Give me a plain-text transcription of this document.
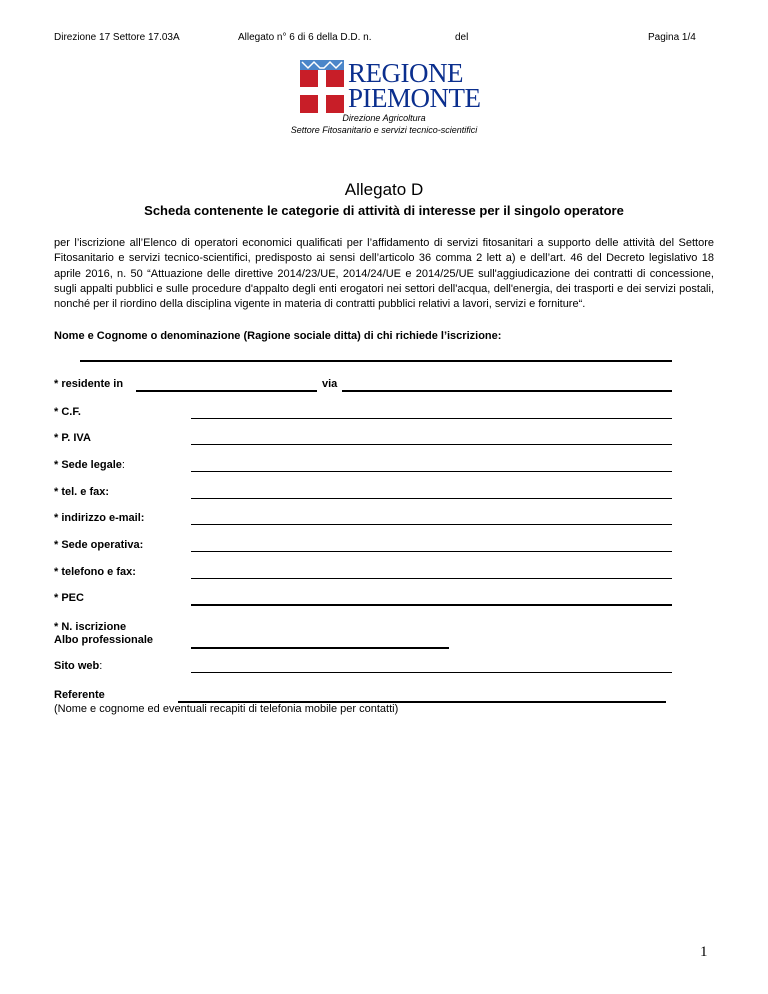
Direzione 17 Settore 17.03A	Allegato n° 6 di 6 della D.D. n.	del	Pagina 1/4
REGIONE
PIEMONTE
Direzione Agricoltura
Settore Fitosanitario e servizi tecnico-scientifici
Allegato D
Scheda contenente le categorie di attività di interesse per il singolo operatore
per l’iscrizione all’Elenco di operatori economici qualificati per l’affidamento di servizi fitosanitari a supporto delle attività del Settore Fitosanitario e servizi tecnico-scientifici, predisposto ai sensi dell’articolo 36 comma 2 lett a) e dell’art. 46 del Decreto legislativo 18 aprile 2016, n. 50 “Attuazione delle direttive 2014/23/UE, 2014/24/UE e 2014/25/UE sull'aggiudicazione dei contratti di concessione, sugli appalti pubblici e sulle procedure d'appalto degli enti erogatori nei settori dell'acqua, dell'energia, dei trasporti e dei servizi postali, nonché per il riordino della disciplina vigente in materia di contratti pubblici relativi a lavori, servizi e forniture“.
Nome e Cognome o denominazione (Ragione sociale ditta) di chi richiede l’iscrizione:
* residente in	via
* C.F.
* P. IVA
* Sede legale:
* tel. e fax:
* indirizzo e-mail:
* Sede operativa:
* telefono e fax:
* PEC
* N. iscrizione
Albo professionale
Sito web:
Referente
(Nome e cognome ed eventuali recapiti di telefonia mobile per contatti)
1
